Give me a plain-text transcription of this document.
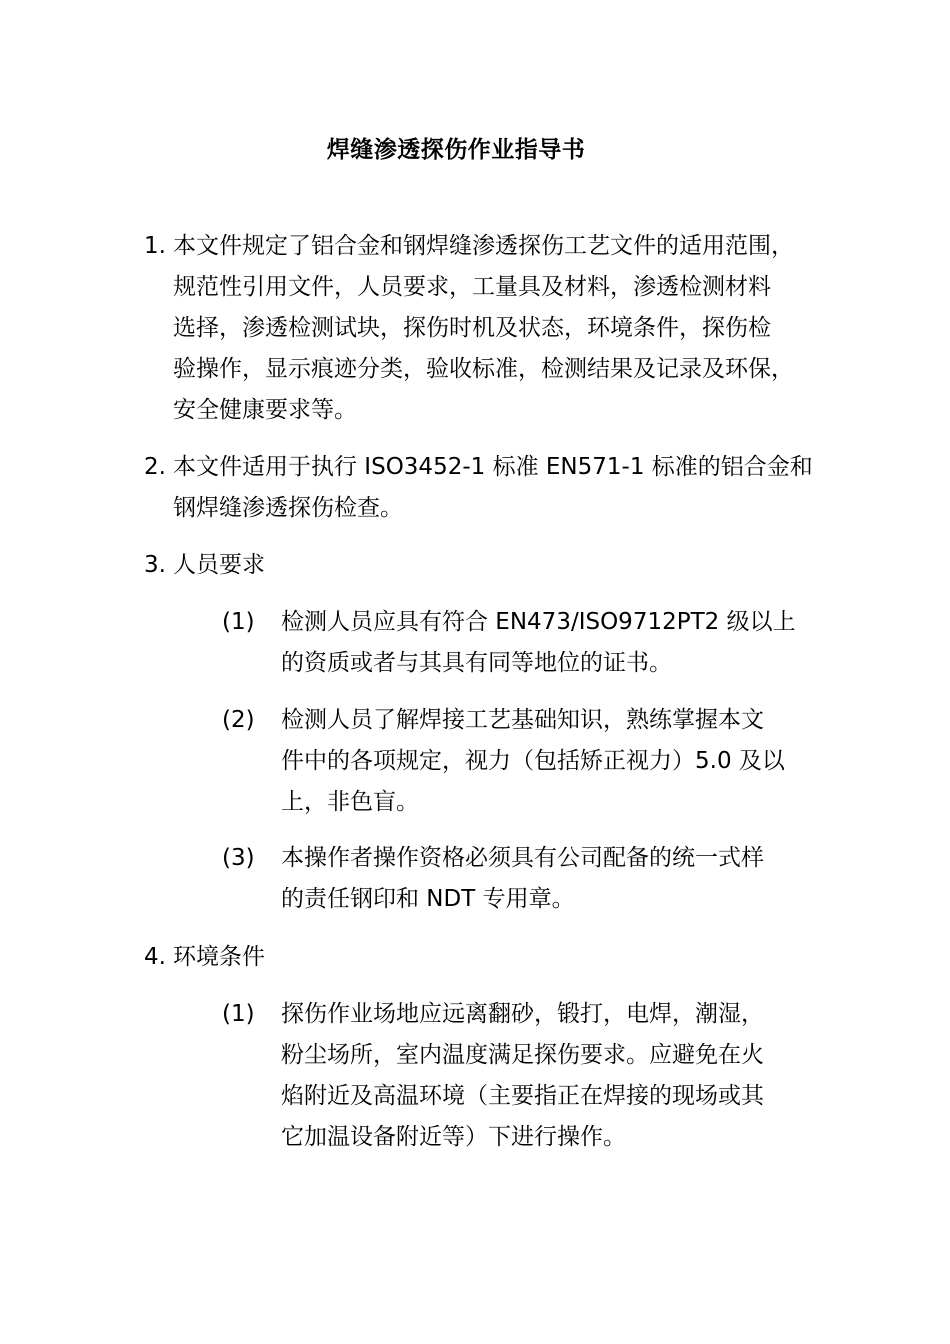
焊缝渗透探伤作业指导书
1. 本文件规定了铝合金和钢焊缝渗透探伤工艺文件的适用范围，
规范性引用文件，人员要求，工量具及材料，渗透检测材料
选择，渗透检测试块，探伤时机及状态，环境条件，探伤检
验操作，显示痕迹分类，验收标准，检测结果及记录及环保，
安全健康要求等。
2. 本文件适用于执行 ISO3452-1 标准 EN571-1 标准的铝合金和
钢焊缝渗透探伤检查。
3. 人员要求
(1)	检测人员应具有符合 EN473/ISO9712PT2 级以上
的资质或者与其具有同等地位的证书。
(2)	检测人员了解焊接工艺基础知识，熟练掌握本文
件中的各项规定，视力（包括矫正视力）5.0 及以
上，非色盲。
(3)	本操作者操作资格必须具有公司配备的统一式样
的责任钢印和 NDT 专用章。
4. 环境条件
(1)	探伤作业场地应远离翻砂，锻打，电焊，潮湿，
粉尘场所，室内温度满足探伤要求。应避免在火
焰附近及高温环境（主要指正在焊接的现场或其
它加温设备附近等）下进行操作。
